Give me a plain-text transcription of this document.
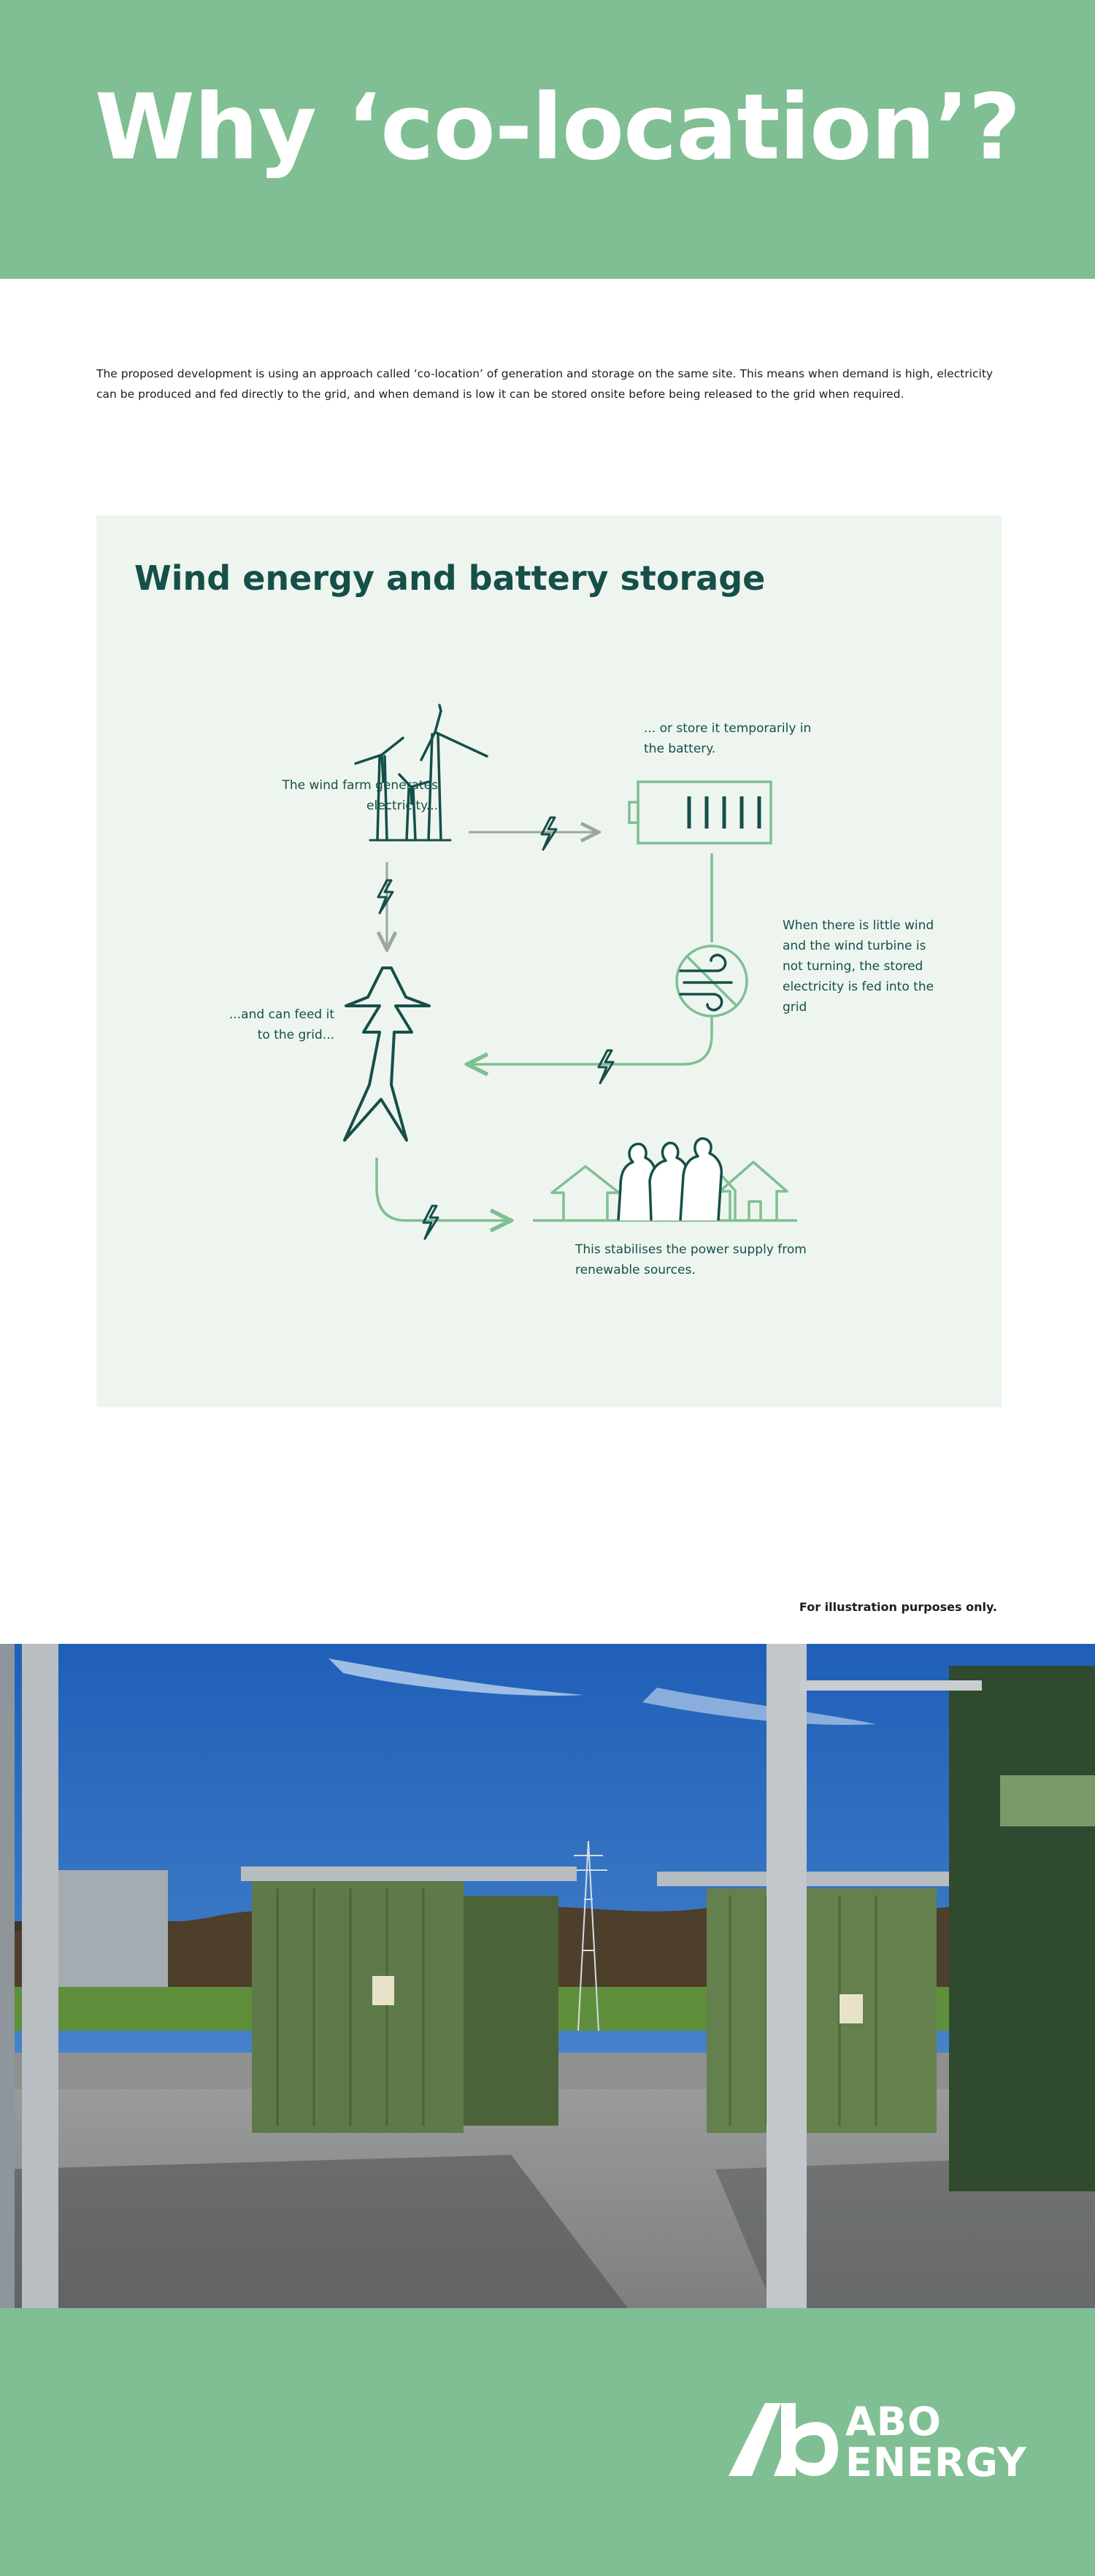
Why ‘co-location’?

The proposed development is using an approach called ‘co-location’ of generation and storage on the same site. This means when demand is high, electricity can be produced and fed directly to the grid, and when demand is low it can be stored onsite before being released to the grid when required.

Wind energy and battery storage

The wind farm generates electricity...

... or store it temporarily in the battery.

When there is little wind and the wind turbine is not turning, the stored electricity is fed into the grid

...and can feed it to the grid...

This stabilises the power supply from renewable sources.

For illustration purposes only.
ABO
ENERGY
